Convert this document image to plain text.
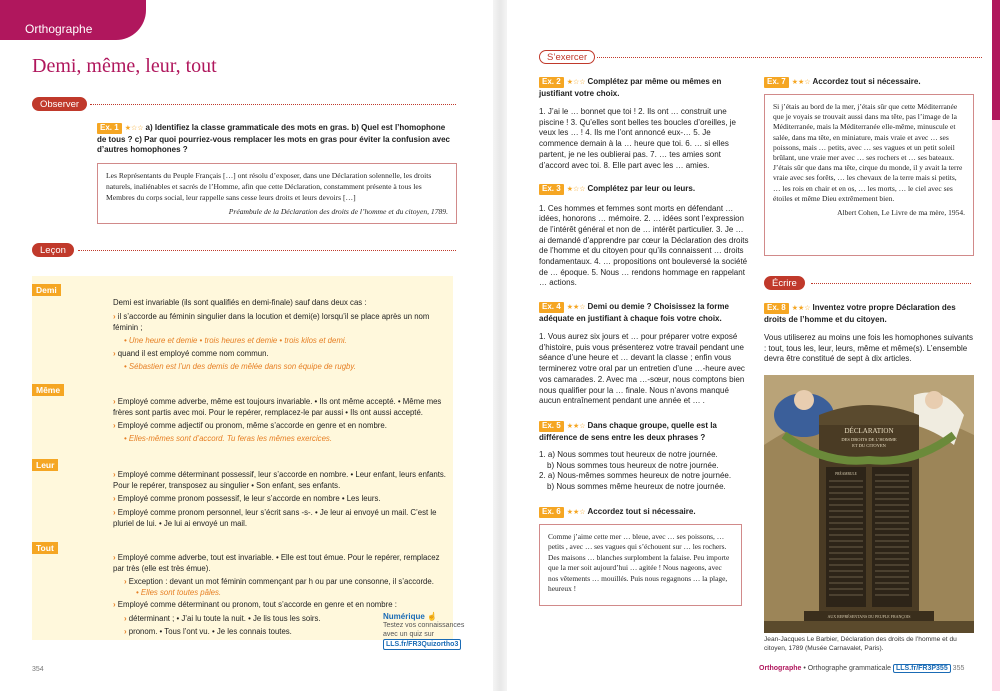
Orthographe
Demi, même, leur, tout
Observer
Ex. 1 ★☆☆ a) Identifiez la classe grammaticale des mots en gras. b) Quel est l’homophone de tous ? c) Par quoi pourriez-vous remplacer les mots en gras pour éviter la confusion avec d’autres homophones ?
Les Représentants du Peuple Français […] ont résolu d’exposer, dans une Déclaration solennelle, les droits naturels, inaliénables et sacrés de l’Homme, afin que cette Déclaration, constamment présente à tous les Membres du corps social, leur rappelle sans cesse leurs droits et leurs devoirs […]
Préambule de la Déclaration des droits de l’homme et du citoyen, 1789.
Leçon
Demi
Demi est invariable (ils sont qualifiés en demi-finale) sauf dans deux cas :
› il s’accorde au féminin singulier dans la locution et demi(e) lorsqu’il se place après un nom féminin ;
• Une heure et demie • trois heures et demie • trois kilos et demi.
› quand il est employé comme nom commun.
• Sébastien est l’un des demis de mêlée dans son équipe de rugby.
Même
› Employé comme adverbe, même est toujours invariable. • Ils ont même accepté. • Même mes frères sont partis avec moi. Pour le repérer, remplacez-le par aussi • Ils ont aussi accepté.
› Employé comme adjectif ou pronom, même s’accorde en genre et en nombre.
• Elles-mêmes sont d’accord. Tu feras les mêmes exercices.
Leur
› Employé comme déterminant possessif, leur s’accorde en nombre. • Leur enfant, leurs enfants. Pour le repérer, transposez au singulier • Son enfant, ses enfants.
› Employé comme pronom possessif, le leur s’accorde en nombre • Les leurs.
› Employé comme pronom personnel, leur s’écrit sans -s-. • Je leur ai envoyé un mail. C’est le pluriel de lui. • Je lui ai envoyé un mail.
Tout
› Employé comme adverbe, tout est invariable. • Elle est tout émue. Pour le repérer, remplacez par très (elle est très émue).
› Exception : devant un mot féminin commençant par h ou par une consonne, il s’accorde.
• Elles sont toutes pâles.
› Employé comme déterminant ou pronom, tout s’accorde en genre et en nombre :
› déterminant ; • J’ai lu toute la nuit. • Je lis tous les soirs.
› pronom. • Tous l’ont vu. • Je les connais toutes.
Numérique ☝
Testez vos connaissances
avec un quiz sur
LLS.fr/FR3Quizortho3
354
S’exercer
Ex. 2 ★☆☆ Complétez par même ou mêmes en justifiant votre choix.
1. J’ai le … bonnet que toi ! 2. Ils ont … construit une piscine ! 3. Qu’elles sont belles tes boucles d’oreilles, je veux les … ! 4. Ils me l’ont annoncé eux-… 5. Je commence demain à la … heure que toi. 6. … si elles partent, je ne les oublierai pas. 7. … tes amies sont d’accord avec toi. 8. Elle part avec les … amies.
Ex. 3 ★☆☆ Complétez par leur ou leurs.
1. Ces hommes et femmes sont morts en défendant … idées, honorons … mémoire. 2. … idées sont l’expression de l’intérêt général et non de … intérêt particulier. 3. Je … ai demandé d’apprendre par cœur la Déclaration des droits de l’homme et du citoyen pour qu’ils connaissent … droits fondamentaux. 4. … propositions ont bouleversé la société de … époque. 5. Nous … rendons hommage en rappelant … actions.
Ex. 4 ★★☆ Demi ou demie ? Choisissez la forme adéquate en justifiant à chaque fois votre choix.
1. Vous aurez six jours et … pour préparer votre exposé d’histoire, puis vous présenterez votre travail pendant une séance d’une heure et … devant la classe ; enfin vous terminerez votre oral par un entretien d’une …-heure avec vos camarades. 2. Avec ma …-sœur, nous comptons bien nous qualifier pour la … finale. Nous n’avons manqué aucun entraînement pendant une année et … .
Ex. 5 ★★☆ Dans chaque groupe, quelle est la différence de sens entre les deux phrases ?
1. a) Nous sommes tout heureux de notre journée.
b) Nous sommes tous heureux de notre journée.
2. a) Nous-mêmes sommes heureux de notre journée.
b) Nous sommes même heureux de notre journée.
Ex. 6 ★★☆ Accordez tout si nécessaire.
Comme j’aime cette mer … bleue, avec … ses poissons, … petits , avec … ses vagues qui s’échouent sur … les rochers. Des maisons … blanches surplombent la falaise. Peu importe que la mer soit aujourd’hui … agitée ! Nous nageons, avec nos vêtements … mouillés. Puis nous regagnons … la plage, heureux !
Ex. 7 ★★☆ Accordez tout si nécessaire.
Si j’étais au bord de la mer, j’étais sûr que cette Méditerranée que je voyais se trouvait aussi dans ma tête, pas l’image de la Méditerranée, mais la Méditerranée elle-même, minuscule et salée, dans ma tête, en miniature, mais vraie et avec … ses poissons, mais … petits, avec … ses vagues et un petit soleil brûlant, une vraie mer avec … ses rochers et … ses bateaux. J’étais sûr que dans ma tête, cirque du monde, il y avait la terre vraie avec ses forêts, … les chevaux de la terre mais si petits, … les rois en chair et en os, … les morts, … le ciel avec ses étoiles et même Dieu extrêmement bien.
Albert Cohen, Le Livre de ma mère, 1954.
Écrire
Ex. 8 ★★☆ Inventez votre propre Déclaration des droits de l’homme et du citoyen.
Vous utiliserez au moins une fois les homophones suivants : tout, tous les, leur, leurs, même et même(s). L’ensemble devra être constitué de sept à dix articles.
DÉCLARATION
DES DROITS DE L’HOMME
ET DU CITOYEN
PRÉAMBULE
AUX REPRÉSENTANS DU PEUPLE FRANÇOIS
Jean-Jacques Le Barbier, Déclaration des droits de l’homme et du citoyen, 1789 (Musée Carnavalet, Paris).
Orthographe • Orthographe grammaticale LLS.fr/FR3P355 355
